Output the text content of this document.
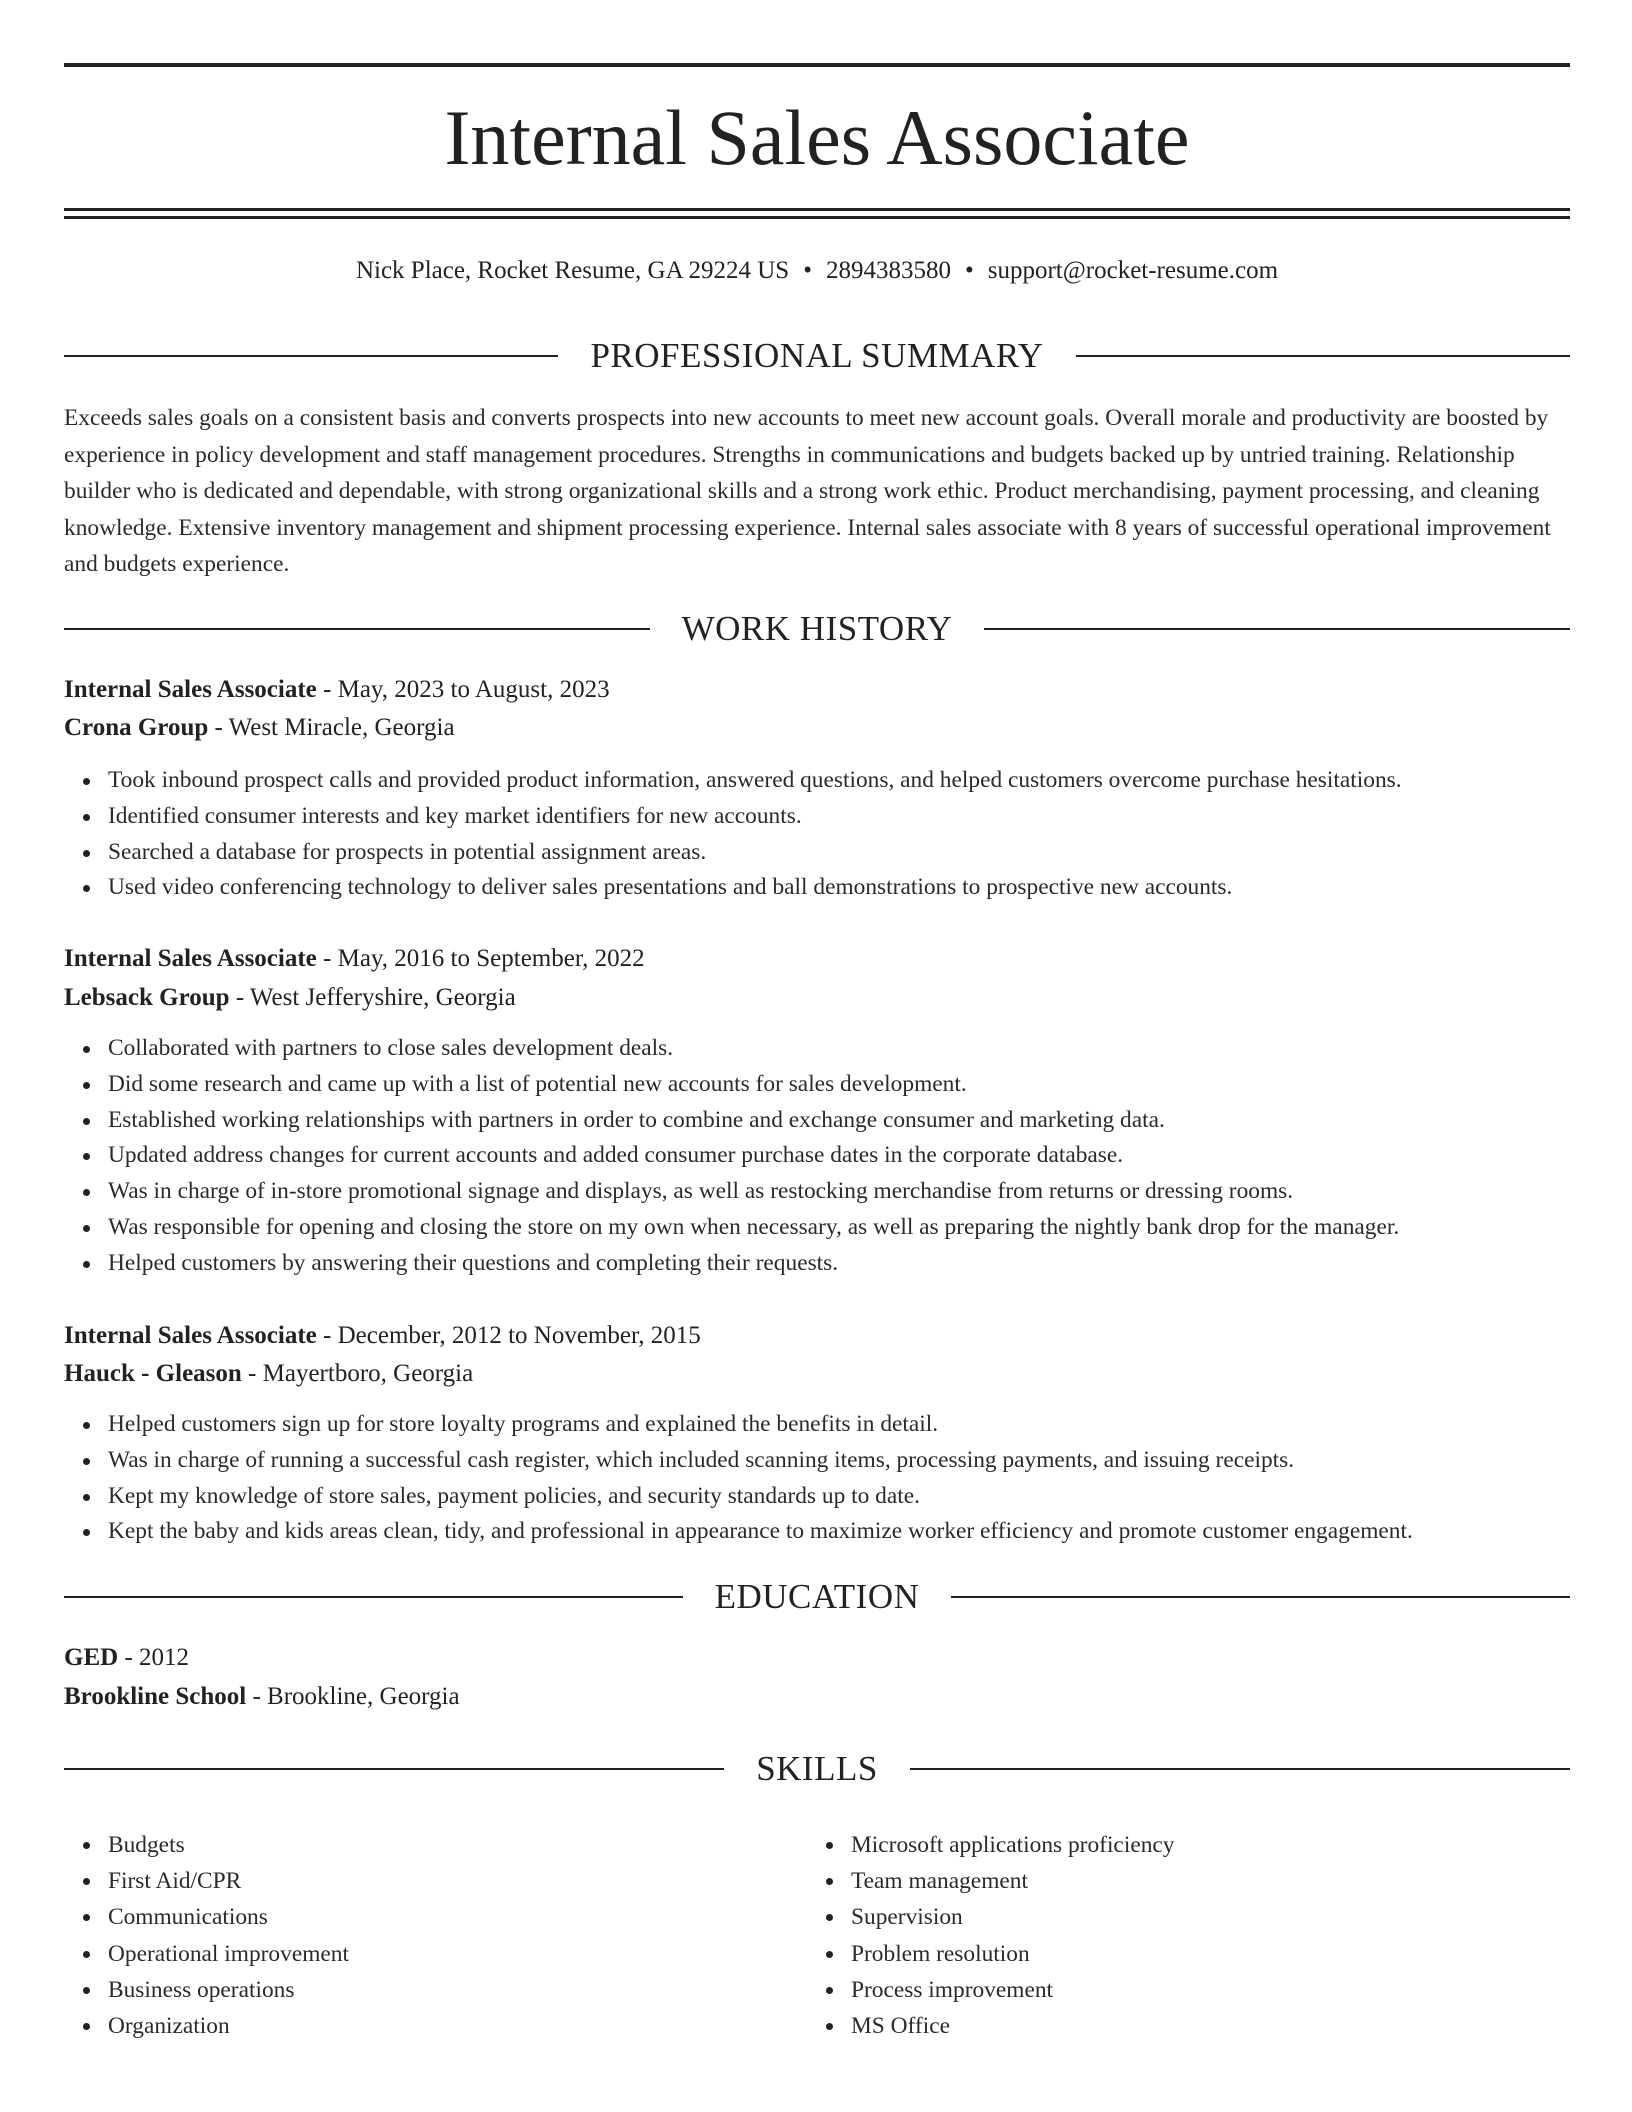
Internal Sales Associate
Nick Place, Rocket Resume, GA 29224 US • 2894383580 • support@rocket-resume.com
PROFESSIONAL SUMMARY

Exceeds sales goals on a consistent basis and converts prospects into new accounts to meet new account goals. Overall morale and productivity are boosted by experience in policy development and staff management procedures. Strengths in communications and budgets backed up by untried training. Relationship builder who is dedicated and dependable, with strong organizational skills and a strong work ethic. Product merchandising, payment processing, and cleaning knowledge. Extensive inventory management and shipment processing experience. Internal sales associate with 8 years of successful operational improvement and budgets experience.

WORK HISTORY
Internal Sales Associate - May, 2023 to August, 2023
Crona Group - West Miracle, Georgia
Took inbound prospect calls and provided product information, answered questions, and helped customers overcome purchase hesitations.
Identified consumer interests and key market identifiers for new accounts.
Searched a database for prospects in potential assignment areas.
Used video conferencing technology to deliver sales presentations and ball demonstrations to prospective new accounts.
Internal Sales Associate - May, 2016 to September, 2022
Lebsack Group - West Jefferyshire, Georgia
Collaborated with partners to close sales development deals.
Did some research and came up with a list of potential new accounts for sales development.
Established working relationships with partners in order to combine and exchange consumer and marketing data.
Updated address changes for current accounts and added consumer purchase dates in the corporate database.
Was in charge of in-store promotional signage and displays, as well as restocking merchandise from returns or dressing rooms.
Was responsible for opening and closing the store on my own when necessary, as well as preparing the nightly bank drop for the manager.
Helped customers by answering their questions and completing their requests.
Internal Sales Associate - December, 2012 to November, 2015
Hauck - Gleason - Mayertboro, Georgia
Helped customers sign up for store loyalty programs and explained the benefits in detail.
Was in charge of running a successful cash register, which included scanning items, processing payments, and issuing receipts.
Kept my knowledge of store sales, payment policies, and security standards up to date.
Kept the baby and kids areas clean, tidy, and professional in appearance to maximize worker efficiency and promote customer engagement.
EDUCATION
GED - 2012
Brookline School - Brookline, Georgia
SKILLS
Budgets
First Aid/CPR
Communications
Operational improvement
Business operations
Organization
Microsoft applications proficiency
Team management
Supervision
Problem resolution
Process improvement
MS Office
